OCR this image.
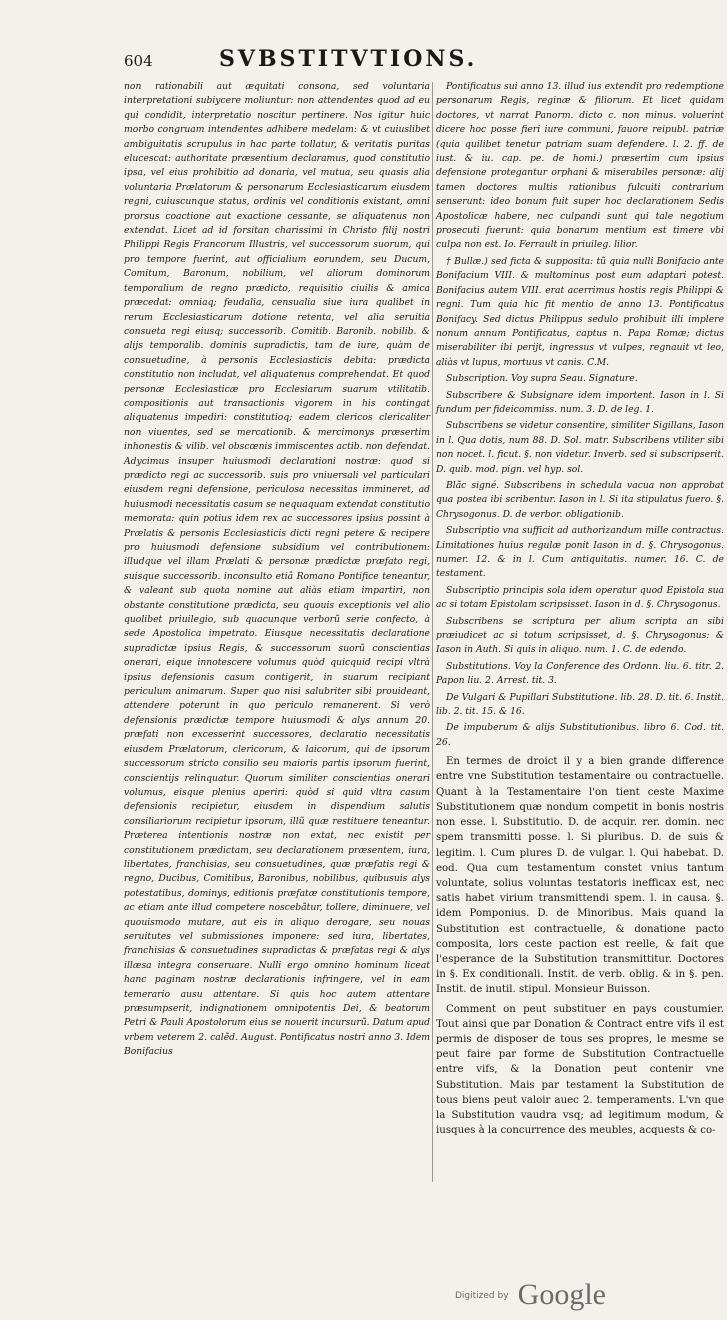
604	SVBSTITVTIONS.

non rationabili aut æquitati consona, sed voluntaria interpretationi subiycere moliuntur: non attendentes quod ad eu qui condidit, interpretatio noscitur pertinere. Nos igitur huic morbo congruam intendentes adhibere medelam: & vt cuiuslibet ambiguitatis scrupulus in hac parte tollatur, & veritatis puritas elucescat: authoritate præsentium declaramus, quod constitutio ipsa, vel eius prohibitio ad donaria, vel mutua, seu quasis alia voluntaria Prælatorum & personarum Ecclesiasticarum eiusdem regni, cuiuscunque status, ordinis vel conditionis existant, omni prorsus coactione aut exactione cessante, se aliquatenus non extendat. Licet ad id forsitan charissimi in Christo filij nostri Philippi Regis Francorum Illustris, vel successorum suorum, qui pro tempore fuerint, aut officialium eorundem, seu Ducum, Comitum, Baronum, nobilium, vel aliorum dominorum temporalium de regno prædicto, requisitio ciuilis & amica præcedat: omniaq; feudalia, censualia siue iura qualibet in rerum Ecclesiasticarum dotione retenta, vel alia seruitia consueta regi eiusq; successorib. Comitib. Baronib. nobilib. & alijs temporalib. dominis supradictis, tam de iure, quàm de consuetudine, à personis Ecclesiasticis debita: prædicta constitutio non includat, vel aliquatenus comprehendat. Et quod personæ Ecclesiasticæ pro Ecclesiarum suarum vtilitatib. compositionis aut transactionis vigorem in his contingat aliquatenus impediri: constitutioq; eadem clericos clericaliter non viuentes, sed se mercationib. & mercimonys præsertim inhonestis & vilib. vel obscœnis immiscentes actib. non defendat. Adycimus insuper huiusmodi declarationi nostræ: quod si prædicto regi ac successorib. suis pro vniuersali vel particulari eiusdem regni defensione, periculosa necessitas immineret, ad huiusmodi necessitatis casum se nequaquam extendat constitutio memorata: quin potius idem rex ac successores ipsius possint à Prælatis & personis Ecclesiasticis dicti regni petere & recipere pro huiusmodi defensione subsidium vel contributionem: illudque vel illam Prælati & personæ prædictæ præfato regi, suisque successorib. inconsulto etiâ Romano Pontifice teneantur, & valeant sub quota nomine aut aliàs etiam impartiri, non obstante constitutione prædicta, seu quouis exceptionis vel alio quolibet priuilegio, sub quacunque verborũ serie confecto, à sede Apostolica impetrato. Eiusque necessitatis declaratione supradictæ ipsius Regis, & successorum suorũ conscientias onerari, eique innotescere volumus quòd quicquid recipi vltrà ipsius defensionis casum contigerit, in suarum recipiant periculum animarum. Super quo nisi salubriter sibi prouideant, attendere poterunt in quo periculo remanerent. Si verò defensionis prædictæ tempore huiusmodi & alys annum 20. præfati non excesserint successores, declaratio necessitatis eiusdem Prælatorum, clericorum, & laicorum, qui de ipsorum successorum stricto consilio seu maioris partis ipsorum fuerint, conscientijs relinquatur. Quorum similiter conscientias onerari volumus, eisque plenius aperiri: quòd si quid vltra casum defensionis recipietur, eiusdem in dispendium salutis consiliariorum recipietur ipsorum, illũ quæ restituere teneantur. Præterea intentionis nostræ non extat, nec existit per constitutionem prædictam, seu declarationem præsentem, iura, libertates, franchisias, seu consuetudines, quæ præfatis regi & regno, Ducibus, Comitibus, Baronibus, nobilibus, quibusuis alys potestatibus, dominys, editionis præfatæ constitutionis tempore, ac etiam ante illud competere noscebãtur, tollere, diminuere, vel quouismodo mutare, aut eis in aliquo derogare, seu nouas seruitutes vel submissiones imponere: sed iura, libertates, franchisias & consuetudines supradictas & præfatas regi & alys illæsa integra conseruare. Nulli ergo omnino hominum liceat hanc paginam nostræ declarationis infringere, vel in eam temerario ausu attentare. Si quis hoc autem attentare præsumpserit, indignationem omnipotentis Dei, & beatorum Petri & Pauli Apostolorum eius se nouerit incursurũ. Datum apud vrbem veterem 2. calẽd. August. Pontificatus nostri anno 3. Idem Bonifacius

Pontificatus sui anno 13. illud ius extendit pro redemptione personarum Regis, reginæ & filiorum. Et licet quidam doctores, vt narrat Panorm. dicto c. non minus. voluerint dicere hoc posse fieri iure communi, fauore reipubl. patriæ (quia quilibet tenetur patriam suam defendere. l. 2. ff. de iust. & iu. cap. pe. de homi.) præsertim cum ipsius defensione protegantur orphani & miserabiles personæ: alij tamen doctores multis rationibus fulcuiti contrarium senserunt: ideo bonum fuit super hoc declarationem Sedis Apostolicæ habere, nec culpandi sunt qui tale negotium prosecuti fuerunt: quia bonarum mentium est timere vbi culpa non est. Io. Ferrault in priuileg. lilior.

† Bullæ.) sed ficta & supposita: tũ quia nulli Bonifacio ante Bonifacium VIII. & multominus post eum adaptari potest. Bonifacius autem VIII. erat acerrimus hostis regis Philippi & regni. Tum quia hic fit mentio de anno 13. Pontificatus Bonifacy. Sed dictus Philippus sedulo prohibuit illi implere nonum annum Pontificatus, captus n. Papa Romæ; dictus miserabiliter ibi perijt, ingressus vt vulpes, regnauit vt leo, aliàs vt lupus, mortuus vt canis. C.M.

Subscription. Voy supra Seau. Signature.

Subscribere & Subsignare idem importent. Iason in l. Si fundum per fideicommiss. num. 3. D. de leg. 1.

Subscribens se videtur consentire, similiter Sigillans, Iason in l. Qua dotis, num 88. D. Sol. matr. Subscribens vtiliter sibi non nocet. l. ficut. §. non videtur. Inverb. sed si subscripserit. D. quib. mod. pign. vel hyp. sol.

Blãc signé. Subscribens in schedula vacua non approbat qua postea ibi scribentur. Iason in l. Si ita stipulatus fuero. §. Chrysogonus. D. de verbor. obligationib.

Subscriptio vna sufficit ad authorizandum mille contractus. Limitationes huius regulæ ponit Iason in d. §. Chrysogonus. numer. 12. & in l. Cum antiquitatis. numer. 16. C. de testament.

Subscriptio principis sola idem operatur quod Epistola sua ac si totam Epistolam scripsisset. Iason in d. §. Chrysogonus.

Subscribens se scriptura per alium scripta an sibi præiudicet ac si totum scripsisset, d. §. Chrysogonus: & Iason in Auth. Si quis in aliquo. num. 1. C. de edendo.

Substitutions. Voy la Conference des Ordonn. liu. 6. titr. 2. Papon liu. 2. Arrest. tit. 3.

De Vulgari & Pupillari Substitutione. lib. 28. D. tit. 6. Instit. lib. 2. tit. 15. & 16.

De impuberum & alijs Substitutionibus. libro 6. Cod. tit. 26.

En termes de droict il y a bien grande difference entre vne Substitution testamentaire ou contractuelle. Quant à la Testamentaire l'on tient ceste Maxime Substitutionem quæ nondum competit in bonis nostris non esse. l. Substitutio. D. de acquir. rer. domin. nec spem transmitti posse. l. Si pluribus. D. de suis & legitim. l. Cum plures D. de vulgar. l. Qui habebat. D. eod. Qua cum testamentum constet vnius tantum voluntate, solius voluntas testatoris inefficax est, nec satis habet virium transmittendi spem. l. in causa. §. idem Pomponius. D. de Minoribus. Mais quand la Substitution est contractuelle, & donatione pacto composita, lors ceste paction est reelle, & fait que l'esperance de la Substitution transmittitur. Doctores in §. Ex conditionali. Instit. de verb. oblig. & in §. pen. Instit. de inutil. stipul. Monsieur Buisson.

Comment on peut substituer en pays coustumier. Tout ainsi que par Donation & Contract entre vifs il est permis de disposer de tous ses propres, le mesme se peut faire par forme de Substitution Contractuelle entre vifs, & la Donation peut contenir vne Substitution. Mais par testament la Substitution de tous biens peut valoir auec 2. temperaments. L'vn que la Substitution vaudra vsq; ad legitimum modum, & iusques à la concurrence des meubles, acquests & co-

Digitized by Google
